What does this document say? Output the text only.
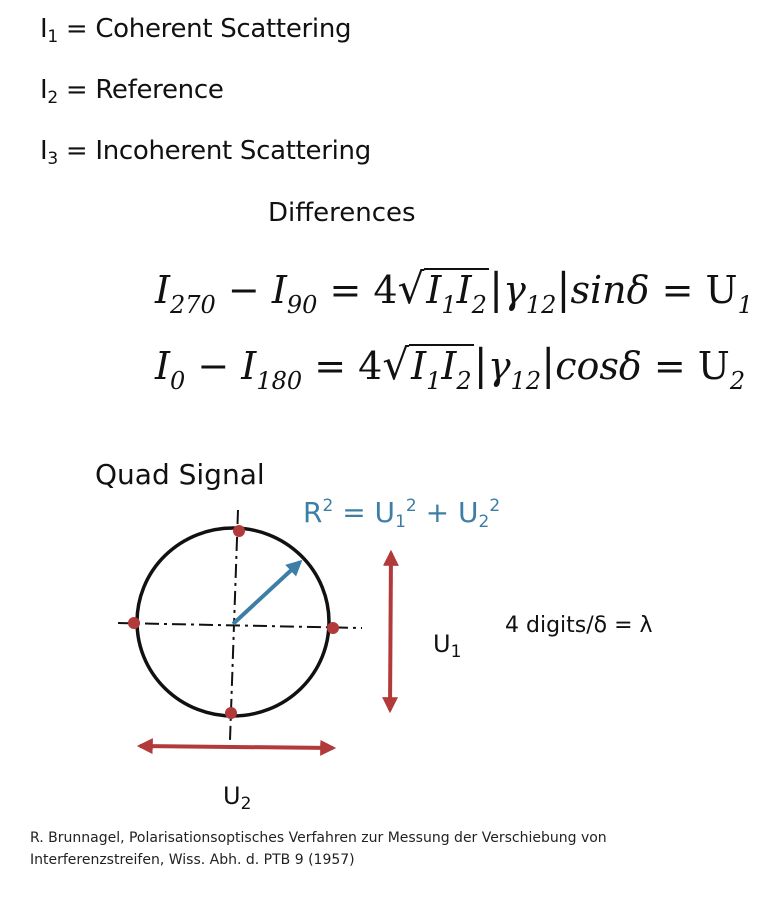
I1 = Coherent Scattering
I2 = Reference
I3 = Incoherent Scattering
Differences
$I_{270} - I_{90} = 4√I_1I_2|\gamma_{12}|\sin\delta = U_1$
$I_0 - I_{180} = 4√I_1I_2|\gamma_{12}|\cos\delta = U_2$
Quad Signal
$R^2 = U1^2 + U2^2$
$U_1$
$U_2$
4 digits/δ = λ
R. Brunnagel, Polarisationsoptisches Verfahren zur Messung der Verschiebung von
Interferenzstreifen, Wiss. Abh. d. PTB 9 (1957)
